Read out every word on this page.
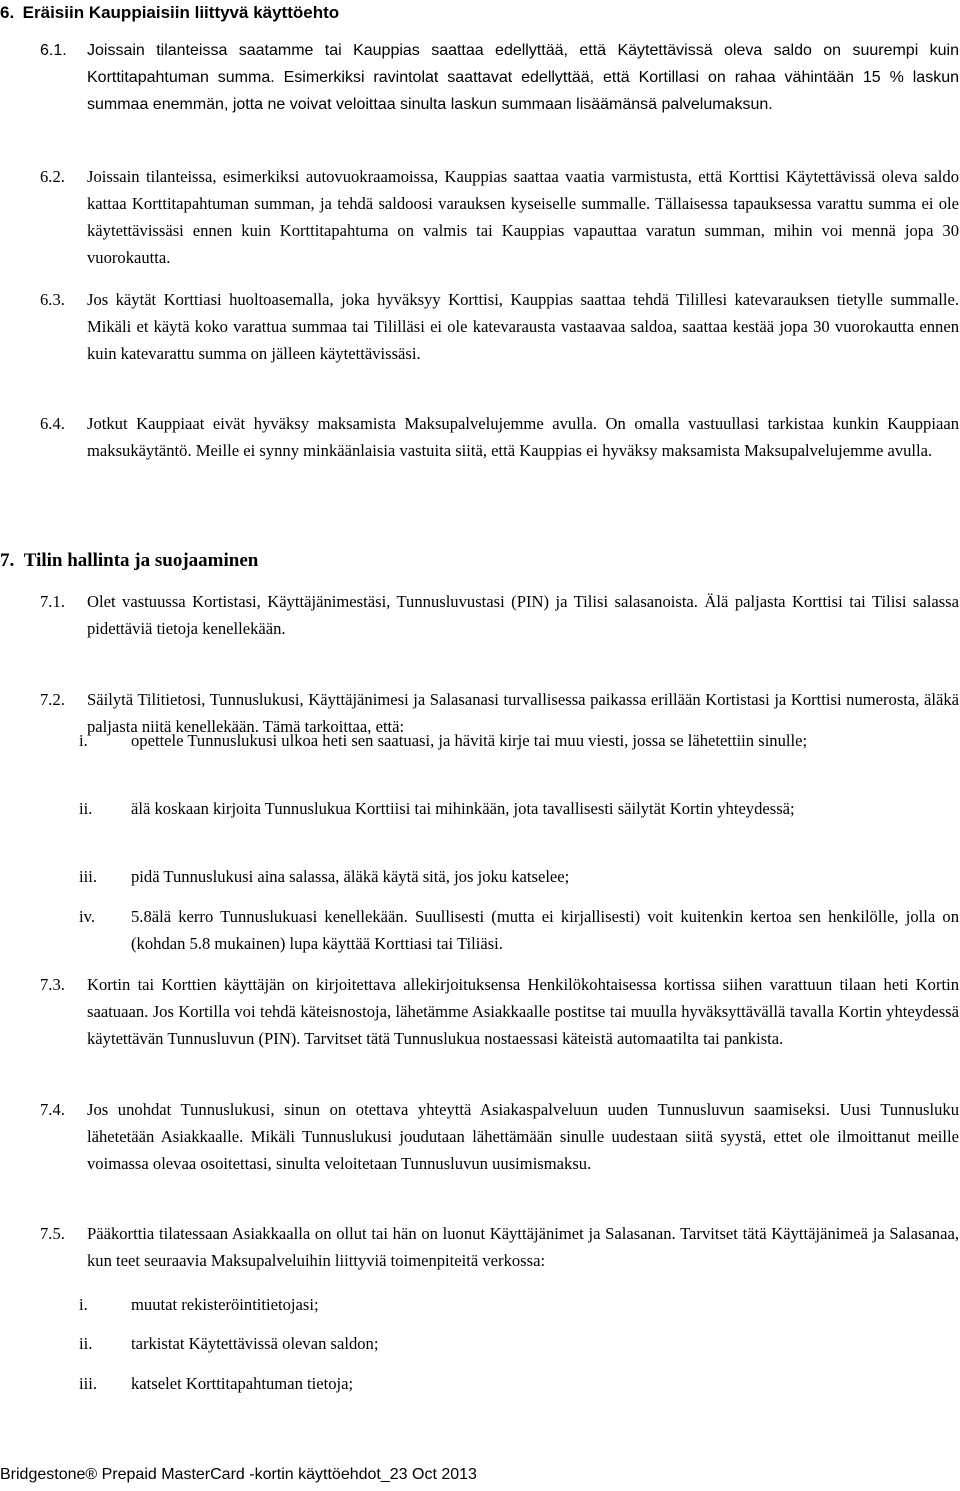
6. Eräisiin Kauppiaisiin liittyvä käyttöehto
6.1.	Joissain tilanteissa saatamme tai Kauppias saattaa edellyttää, että Käytettävissä oleva saldo on suurempi kuin Korttitapahtuman summa. Esimerkiksi ravintolat saattavat edellyttää, että Kortillasi on rahaa vähintään 15 % laskun summaa enemmän, jotta ne voivat veloittaa sinulta laskun summaan lisäämänsä palvelumaksun.
6.2.	Joissain tilanteissa, esimerkiksi autovuokraamoissa, Kauppias saattaa vaatia varmistusta, että Korttisi Käytettävissä oleva saldo kattaa Korttitapahtuman summan, ja tehdä saldoosi varauksen kyseiselle summalle. Tällaisessa tapauksessa varattu summa ei ole käytettävissäsi ennen kuin Korttitapahtuma on valmis tai Kauppias vapauttaa varatun summan, mihin voi mennä jopa 30 vuorokautta.
6.3.	Jos käytät Korttiasi huoltoasemalla, joka hyväksyy Korttisi, Kauppias saattaa tehdä Tilillesi katevarauksen tietylle summalle. Mikäli et käytä koko varattua summaa tai Tililläsi ei ole katevarausta vastaavaa saldoa, saattaa kestää jopa 30 vuorokautta ennen kuin katevarattu summa on jälleen käytettävissäsi.
6.4.	Jotkut Kauppiaat eivät hyväksy maksamista Maksupalvelujemme avulla. On omalla vastuullasi tarkistaa kunkin Kauppiaan maksukäytäntö. Meille ei synny minkäänlaisia vastuita siitä, että Kauppias ei hyväksy maksamista Maksupalvelujemme avulla.
7. Tilin hallinta ja suojaaminen
7.1.	Olet vastuussa Kortistasi, Käyttäjänimestäsi, Tunnusluvustasi (PIN) ja Tilisi salasanoista. Älä paljasta Korttisi tai Tilisi salassa pidettäviä tietoja kenellekään.
7.2.	Säilytä Tilitietosi, Tunnuslukusi, Käyttäjänimesi ja Salasanasi turvallisessa paikassa erillään Kortistasi ja Korttisi numerosta, äläkä paljasta niitä kenellekään. Tämä tarkoittaa, että:
i.	opettele Tunnuslukusi ulkoa heti sen saatuasi, ja hävitä kirje tai muu viesti, jossa se lähetettiin sinulle;
ii.	älä koskaan kirjoita Tunnuslukua Korttiisi tai mihinkään, jota tavallisesti säilytät Kortin yhteydessä;
iii.	pidä Tunnuslukusi aina salassa, äläkä käytä sitä, jos joku katselee;
iv.	5.8älä kerro Tunnuslukuasi kenellekään. Suullisesti (mutta ei kirjallisesti) voit kuitenkin kertoa sen henkilölle, jolla on (kohdan 5.8 mukainen) lupa käyttää Korttiasi tai Tiliäsi.
7.3.	Kortin tai Korttien käyttäjän on kirjoitettava allekirjoituksensa Henkilökohtaisessa kortissa siihen varattuun tilaan heti Kortin saatuaan. Jos Kortilla voi tehdä käteisnostoja, lähetämme Asiakkaalle postitse tai muulla hyväksyttävällä tavalla Kortin yhteydessä käytettävän Tunnusluvun (PIN). Tarvitset tätä Tunnuslukua nostaessasi käteistä automaatilta tai pankista.
7.4.	Jos unohdat Tunnuslukusi, sinun on otettava yhteyttä Asiakaspalveluun uuden Tunnusluvun saamiseksi. Uusi Tunnusluku lähetetään Asiakkaalle. Mikäli Tunnuslukusi joudutaan lähettämään sinulle uudestaan siitä syystä, ettet ole ilmoittanut meille voimassa olevaa osoitettasi, sinulta veloitetaan Tunnusluvun uusimismaksu.
7.5.	Pääkorttia tilatessaan Asiakkaalla on ollut tai hän on luonut Käyttäjänimet ja Salasanan. Tarvitset tätä Käyttäjänimeä ja Salasanaa, kun teet seuraavia Maksupalveluihin liittyviä toimenpiteitä verkossa:
i.	muutat rekisteröintitietojasi;
ii.	tarkistat Käytettävissä olevan saldon;
iii.	katselet Korttitapahtuman tietoja;
Bridgestone® Prepaid MasterCard -kortin käyttöehdot_23 Oct 2013
